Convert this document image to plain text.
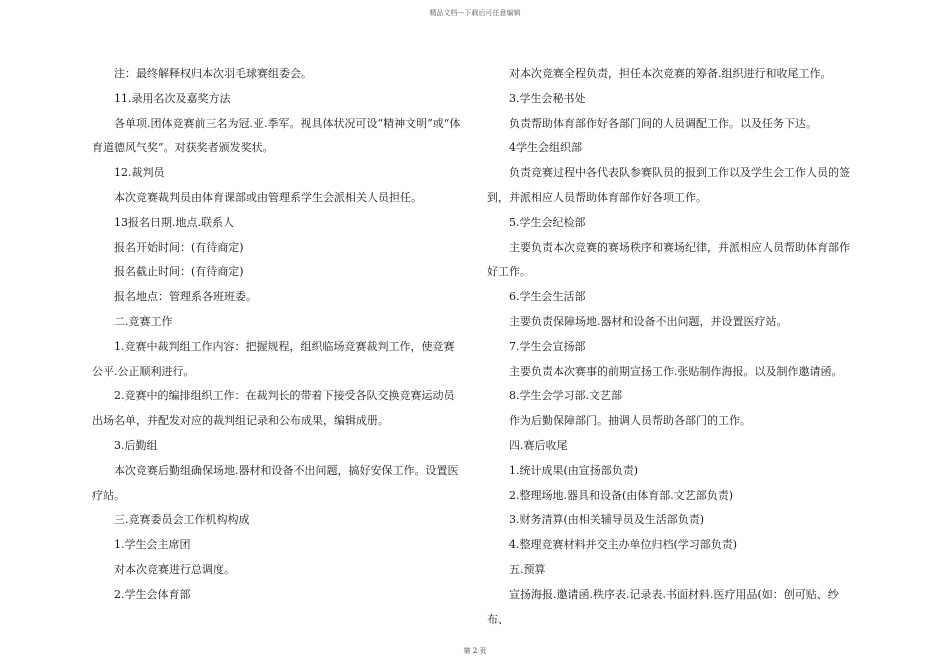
精品文档---下载后可任意编辑

注：最终解释权归本次羽毛球赛组委会。

11.录用名次及嘉奖方法

各单项.团体竞赛前三名为冠.亚.季军。视具体状况可设“精神文明”或“体育道德风气奖”。对获奖者颁发奖状。

12.裁判员

本次竞赛裁判员由体育课部或由管理系学生会派相关人员担任。

13报名日期.地点.联系人

报名开始时间：(有待商定)

报名截止时间：(有待商定)

报名地点：管理系各班班委。

二.竞赛工作

1.竞赛中裁判组工作内容：把握规程，组织临场竞赛裁判工作，使竞赛公平.公正顺利进行。

2.竞赛中的编排组织工作：在裁判长的带着下接受各队交换竞赛运动员出场名单，并配发对应的裁判组记录和公布成果，编辑成册。

3.后勤组

本次竞赛后勤组确保场地.器材和设备不出问题，搞好安保工作。设置医疗站。

三.竞赛委员会工作机构构成

1.学生会主席团

对本次竞赛进行总调度。

2.学生会体育部

对本次竞赛全程负责，担任本次竞赛的筹备.组织进行和收尾工作。

3.学生会秘书处

负责帮助体育部作好各部门间的人员调配工作。以及任务下达。

4学生会组织部

负责竞赛过程中各代表队参赛队员的报到工作以及学生会工作人员的签到，并派相应人员帮助体育部作好各项工作。

5.学生会纪检部

主要负责本次竞赛的赛场秩序和赛场纪律，并派相应人员帮助体育部作好工作。

6.学生会生活部

主要负责保障场地.器材和设备不出问题，并设置医疗站。

7.学生会宣扬部

主要负责本次赛事的前期宣扬工作.张贴制作海报。以及制作邀请函。

8.学生会学习部.文艺部

作为后勤保障部门。抽调人员帮助各部门的工作。

四.赛后收尾

1.统计成果(由宣扬部负责)

2.整理场地.器具和设备(由体育部.文艺部负责)

3.财务清算(由相关辅导员及生活部负责)

4.整理竞赛材料并交主办单位归档(学习部负责)

五.预算

宣扬海报.邀请函.秩序表.记录表.书面材料.医疗用品(如：创可贴、纱布、

第 2 页
